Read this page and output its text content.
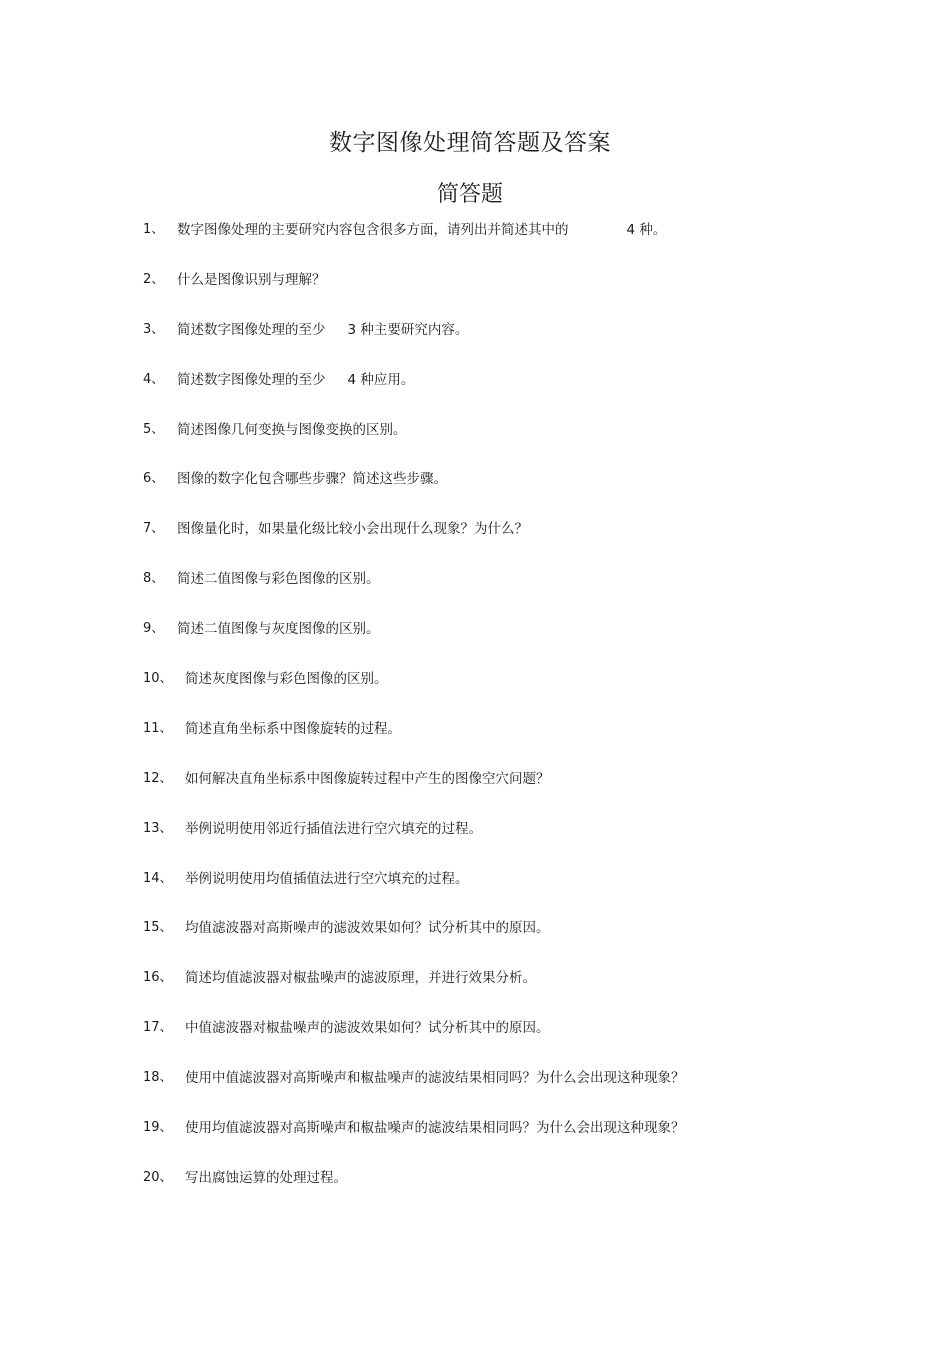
数字图像处理简答题及答案
简答题
1、 数字图像处理的主要研究内容包含很多方面，请列出并简述其中的	4 种。
2、 什么是图像识别与理解？
3、 简述数字图像处理的至少 3 种主要研究内容。
4、 简述数字图像处理的至少 4 种应用。
5、 简述图像几何变换与图像变换的区别。
6、 图像的数字化包含哪些步骤？简述这些步骤。
7、 图像量化时，如果量化级比较小会出现什么现象？为什么？
8、 简述二值图像与彩色图像的区别。
9、 简述二值图像与灰度图像的区别。
10、 简述灰度图像与彩色图像的区别。
11、 简述直角坐标系中图像旋转的过程。
12、 如何解决直角坐标系中图像旋转过程中产生的图像空穴问题？
13、 举例说明使用邻近行插值法进行空穴填充的过程。
14、 举例说明使用均值插值法进行空穴填充的过程。
15、 均值滤波器对高斯噪声的滤波效果如何？试分析其中的原因。
16、 简述均值滤波器对椒盐噪声的滤波原理，并进行效果分析。
17、 中值滤波器对椒盐噪声的滤波效果如何？试分析其中的原因。
18、 使用中值滤波器对高斯噪声和椒盐噪声的滤波结果相同吗？为什么会出现这种现象？
19、 使用均值滤波器对高斯噪声和椒盐噪声的滤波结果相同吗？为什么会出现这种现象？
20、 写出腐蚀运算的处理过程。
